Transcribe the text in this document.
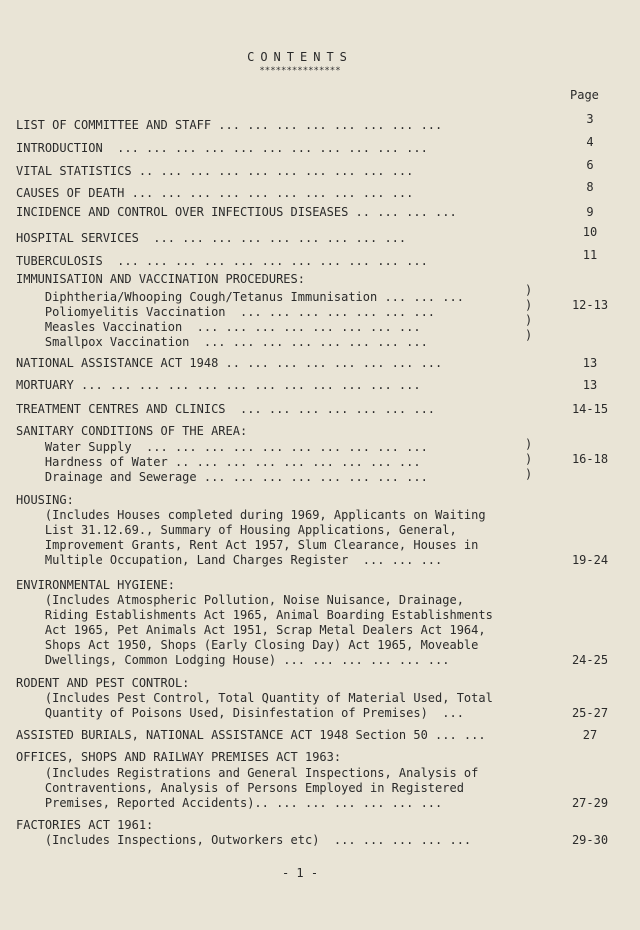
CONTENTS
***************
Page
LIST OF COMMITTEE AND STAFF ... ... ... ... ... ... ... ...	3
INTRODUCTION  ... ... ... ... ... ... ... ... ... ... ...	4
VITAL STATISTICS .. ... ... ... ... ... ... ... ... ...	6
CAUSES OF DEATH ... ... ... ... ... ... ... ... ... ...	8
INCIDENCE AND CONTROL OVER INFECTIOUS DISEASES .. ... ... ...	9
HOSPITAL SERVICES  ... ... ... ... ... ... ... ... ...	10
TUBERCULOSIS  ... ... ... ... ... ... ... ... ... ... ...	11
IMMUNISATION AND VACCINATION PROCEDURES:
Diphtheria/Whooping Cough/Tetanus Immunisation ... ... ...
Poliomyelitis Vaccination  ... ... ... ... ... ... ...	12-13
Measles Vaccination  ... ... ... ... ... ... ... ...
Smallpox Vaccination  ... ... ... ... ... ... ... ...
NATIONAL ASSISTANCE ACT 1948 .. ... ... ... ... ... ... ...	13
MORTUARY ... ... ... ... ... ... ... ... ... ... ... ...	13
TREATMENT CENTRES AND CLINICS  ... ... ... ... ... ... ...	14-15
SANITARY CONDITIONS OF THE AREA:
Water Supply  ... ... ... ... ... ... ... ... ... ...
Hardness of Water .. ... ... ... ... ... ... ... ...	16-18
Drainage and Sewerage ... ... ... ... ... ... ... ...
HOUSING:
(Includes Houses completed during 1969, Applicants on Waiting
List 31.12.69., Summary of Housing Applications, General,
Improvement Grants, Rent Act 1957, Slum Clearance, Houses in
Multiple Occupation, Land Charges Register  ... ... ...	19-24
ENVIRONMENTAL HYGIENE:
(Includes Atmospheric Pollution, Noise Nuisance, Drainage,
Riding Establishments Act 1965, Animal Boarding Establishments
Act 1965, Pet Animals Act 1951, Scrap Metal Dealers Act 1964,
Shops Act 1950, Shops (Early Closing Day) Act 1965, Moveable
Dwellings, Common Lodging House) ... ... ... ... ... ...	24-25
RODENT AND PEST CONTROL:
(Includes Pest Control, Total Quantity of Material Used, Total
Quantity of Poisons Used, Disinfestation of Premises)  ...	25-27
ASSISTED BURIALS, NATIONAL ASSISTANCE ACT 1948 Section 50 ... ...	27
OFFICES, SHOPS AND RAILWAY PREMISES ACT 1963:
(Includes Registrations and General Inspections, Analysis of
Contraventions, Analysis of Persons Employed in Registered
Premises, Reported Accidents).. ... ... ... ... ... ...	27-29
FACTORIES ACT 1961:
(Includes Inspections, Outworkers etc)  ... ... ... ... ...	29-30
)
)
)
)
)
)
)
- 1 -
